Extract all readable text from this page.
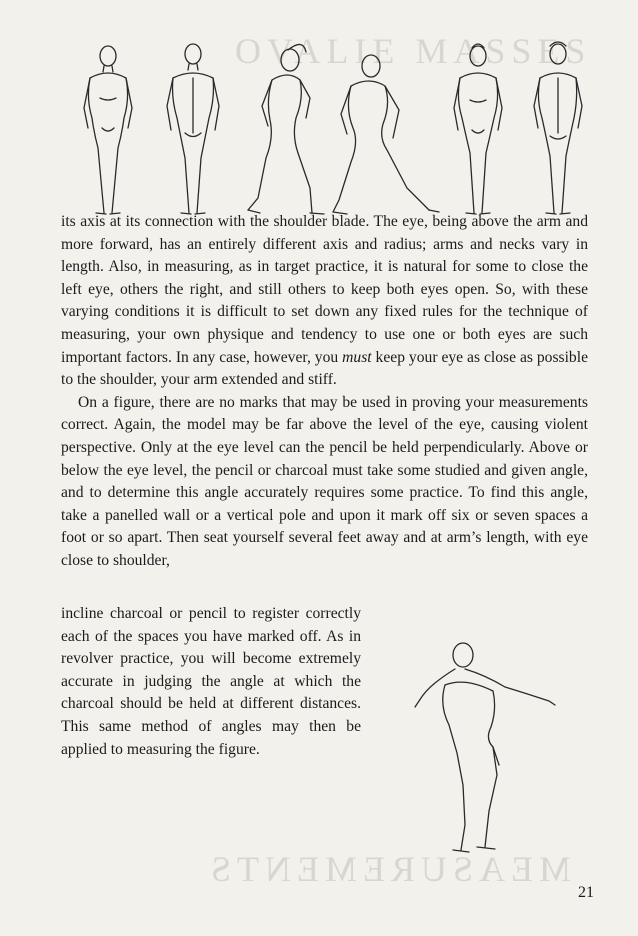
OVALIE MASSES
MEASUREMENTS

its axis at its connection with the shoulder blade. The eye, being above the arm and more forward, has an entirely different axis and radius; arms and necks vary in length. Also, in measuring, as in target practice, it is natural for some to close the left eye, others the right, and still others to keep both eyes open. So, with these varying conditions it is difficult to set down any fixed rules for the technique of measuring, your own physique and tendency to use one or both eyes are such important factors. In any case, however, you must keep your eye as close as possible to the shoulder, your arm extended and stiff.

On a figure, there are no marks that may be used in proving your measurements correct. Again, the model may be far above the level of the eye, causing violent perspective. Only at the eye level can the pencil be held perpendicularly. Above or below the eye level, the pencil or charcoal must take some studied and given angle, and to determine this angle accurately requires some practice. To find this angle, take a panelled wall or a vertical pole and upon it mark off six or seven spaces a foot or so apart. Then seat yourself several feet away and at arm’s length, with eye close to shoulder,

incline charcoal or pencil to register correctly each of the spaces you have marked off. As in revolver practice, you will become extremely accurate in judging the angle at which the charcoal should be held at different distances. This same method of angles may then be applied to measuring the figure.
21
